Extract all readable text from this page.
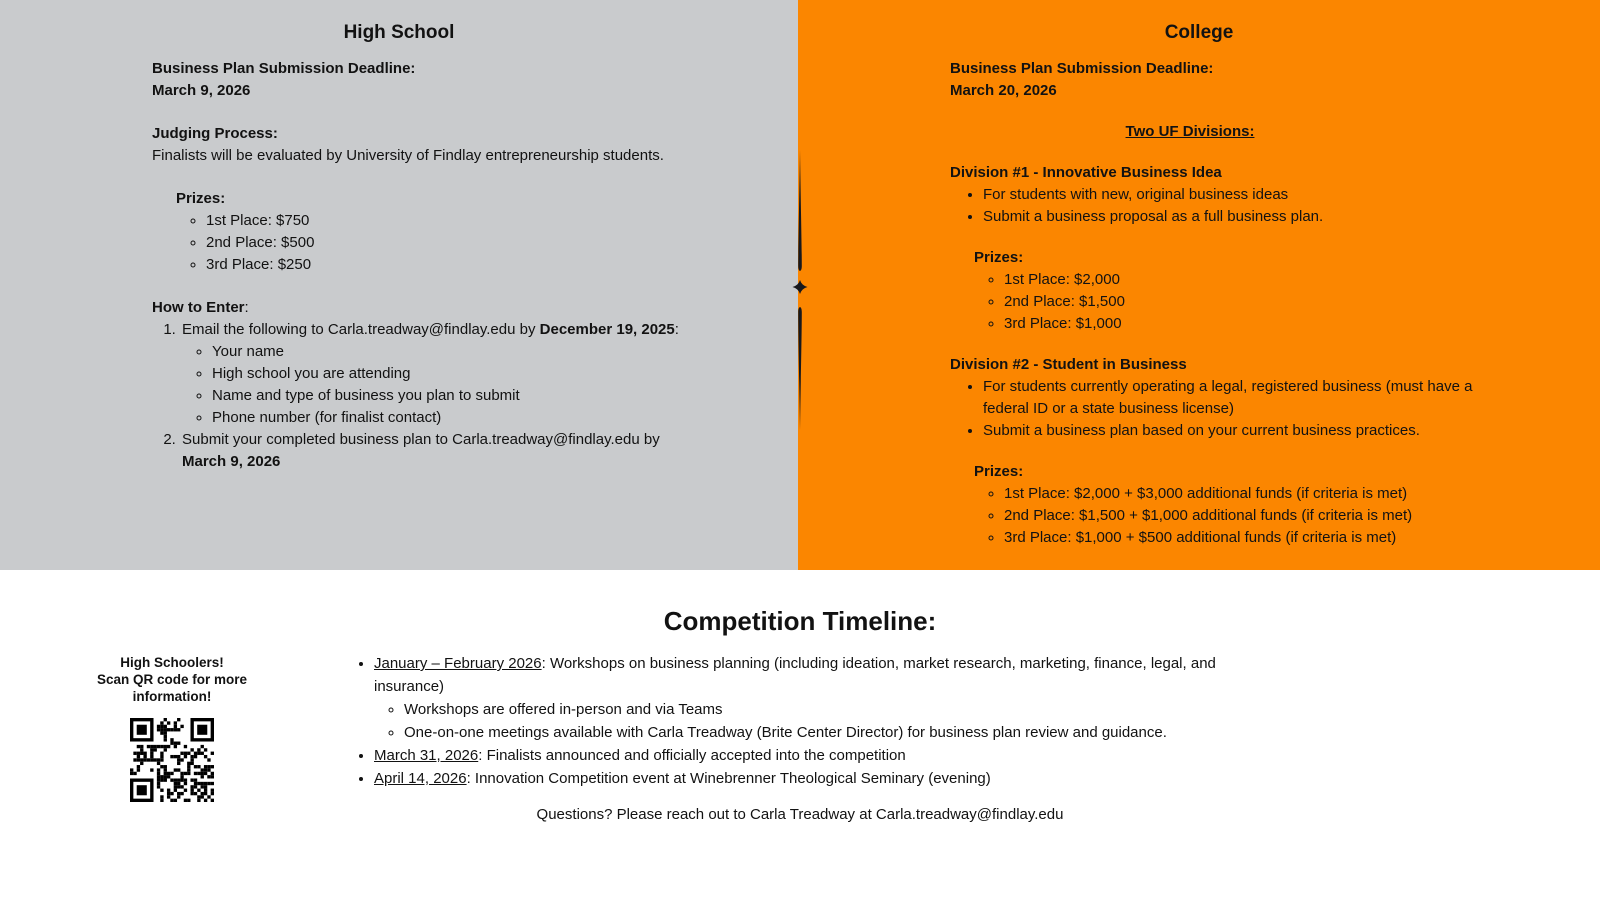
High School

Business Plan Submission Deadline:

March 9, 2026

Judging Process:

Finalists will be evaluated by University of Findlay entrepreneurship students.

Prizes:

◦ 1st Place: $750
◦ 2nd Place: $500
◦ 3rd Place: $250

How to Enter:

1. Email the following to Carla.treadway@findlay.edu by December 19, 2025:
◦ Your name
◦ High school you are attending
◦ Name and type of business you plan to submit
◦ Phone number (for finalist contact)
2. Submit your completed business plan to Carla.treadway@findlay.edu by March 9, 2026
College

Business Plan Submission Deadline:

March 20, 2026

Two UF Divisions:

Division #1 - Innovative Business Idea

• For students with new, original business ideas
• Submit a business proposal as a full business plan.

Prizes:

◦ 1st Place: $2,000
◦ 2nd Place: $1,500
◦ 3rd Place: $1,000

Division #2 - Student in Business

• For students currently operating a legal, registered business (must have a federal ID or a state business license)
• Submit a business plan based on your current business practices.

Prizes:

◦ 1st Place: $2,000 + $3,000 additional funds (if criteria is met)
◦ 2nd Place: $1,500 + $1,000 additional funds (if criteria is met)
◦ 3rd Place: $1,000 + $500 additional funds (if criteria is met)
Competition Timeline:

High Schoolers!

Scan QR code for more

information!

• January – February 2026: Workshops on business planning (including ideation, market research, marketing, finance, legal, and insurance)
◦ Workshops are offered in-person and via Teams
◦ One-on-one meetings available with Carla Treadway (Brite Center Director) for business plan review and guidance.
• March 31, 2026: Finalists announced and officially accepted into the competition
• April 14, 2026: Innovation Competition event at Winebrenner Theological Seminary (evening)

Questions? Please reach out to Carla Treadway at Carla.treadway@findlay.edu
